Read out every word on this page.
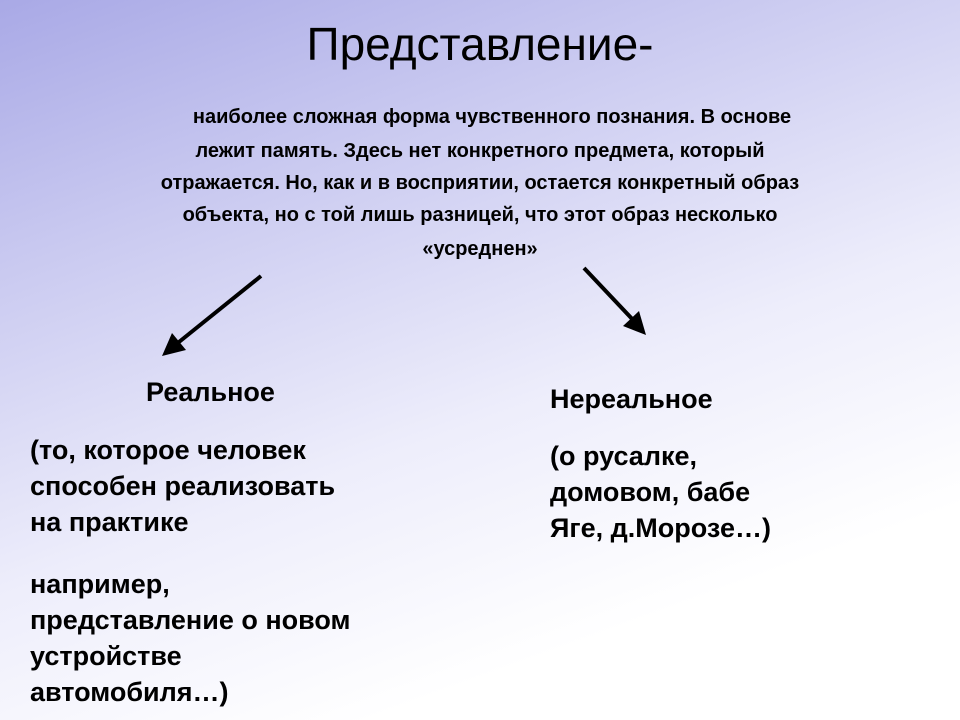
Представление-
наиболее сложная форма чувственного познания. В основе
лежит память. Здесь нет конкретного предмета, который
отражается. Но, как и в восприятии, остается конкретный образ
объекта, но с той лишь разницей, что этот образ несколько
«усреднен»
Реальное
(то, которое человек
способен реализовать
на практике
например,
представление о новом
устройстве
автомобиля…)
Нереальное
(о русалке,
домовом, бабе
Яге, д.Морозе…)
